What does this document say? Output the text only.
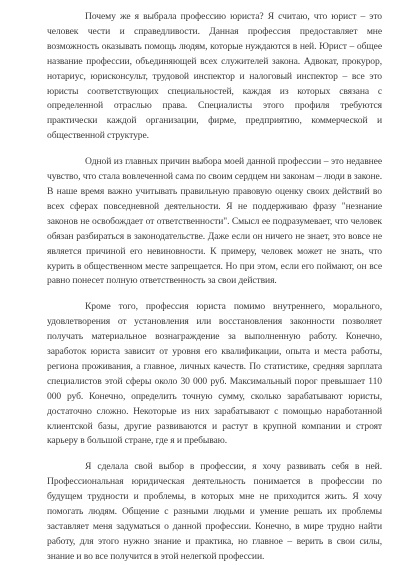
Почему же я выбрала профессию юриста? Я считаю, что юрист – это человек чести и справедливости. Данная профессия предоставляет мне возможность оказывать помощь людям, которые нуждаются в ней. Юрист – общее название профессии, объединяющей всех служителей закона. Адвокат, прокурор, нотариус, юрисконсульт, трудовой инспектор и налоговый инспектор – все это юристы соответствующих специальностей, каждая из которых связана с определенной отраслью права. Специалисты этого профиля требуются практически каждой организации, фирме, предприятию, коммерческой и общественной структуре.

Одной из главных причин выбора моей данной профессии – это недавнее чувство, что стала вовлеченной сама по своим сердцем ни законам – люди в законе. В наше время важно учитывать правильную правовую оценку своих действий во всех сферах повседневной деятельности. Я не поддерживаю фразу "незнание законов не освобождает от ответственности". Смысл ее подразумевает, что человек обязан разбираться в законодательстве. Даже если он ничего не знает, это вовсе не является причиной его невиновности. К примеру, человек может не знать, что курить в общественном месте запрещается. Но при этом, если его поймают, он все равно понесет полную ответственность за свои действия.

Кроме того, профессия юриста помимо внутреннего, морального, удовлетворения от установления или восстановления законности позволяет получать материальное вознаграждение за выполненную работу. Конечно, заработок юриста зависит от уровня его квалификации, опыта и места работы, региона проживания, а главное, личных качеств. По статистике, средняя зарплата специалистов этой сферы около 30 000 руб. Максимальный порог превышает 110 000 руб. Конечно, определить точную сумму, сколько зарабатывают юристы, достаточно сложно. Некоторые из них зарабатывают с помощью наработанной клиентской базы, другие развиваются и растут в крупной компании и строят карьеру в большой стране, где я и пребываю.

Я сделала свой выбор в профессии, я хочу развивать себя в ней. Профессиональная юридическая деятельность понимается в профессии по будущем трудности и проблемы, в которых мне не приходится жить. Я хочу помогать людям. Общение с разными людьми и умение решать их проблемы заставляет меня задуматься о данной профессии. Конечно, в мире трудно найти работу, для этого нужно знание и практика, но главное – верить в свои силы, знание и во все получится в этой нелегкой профессии.
